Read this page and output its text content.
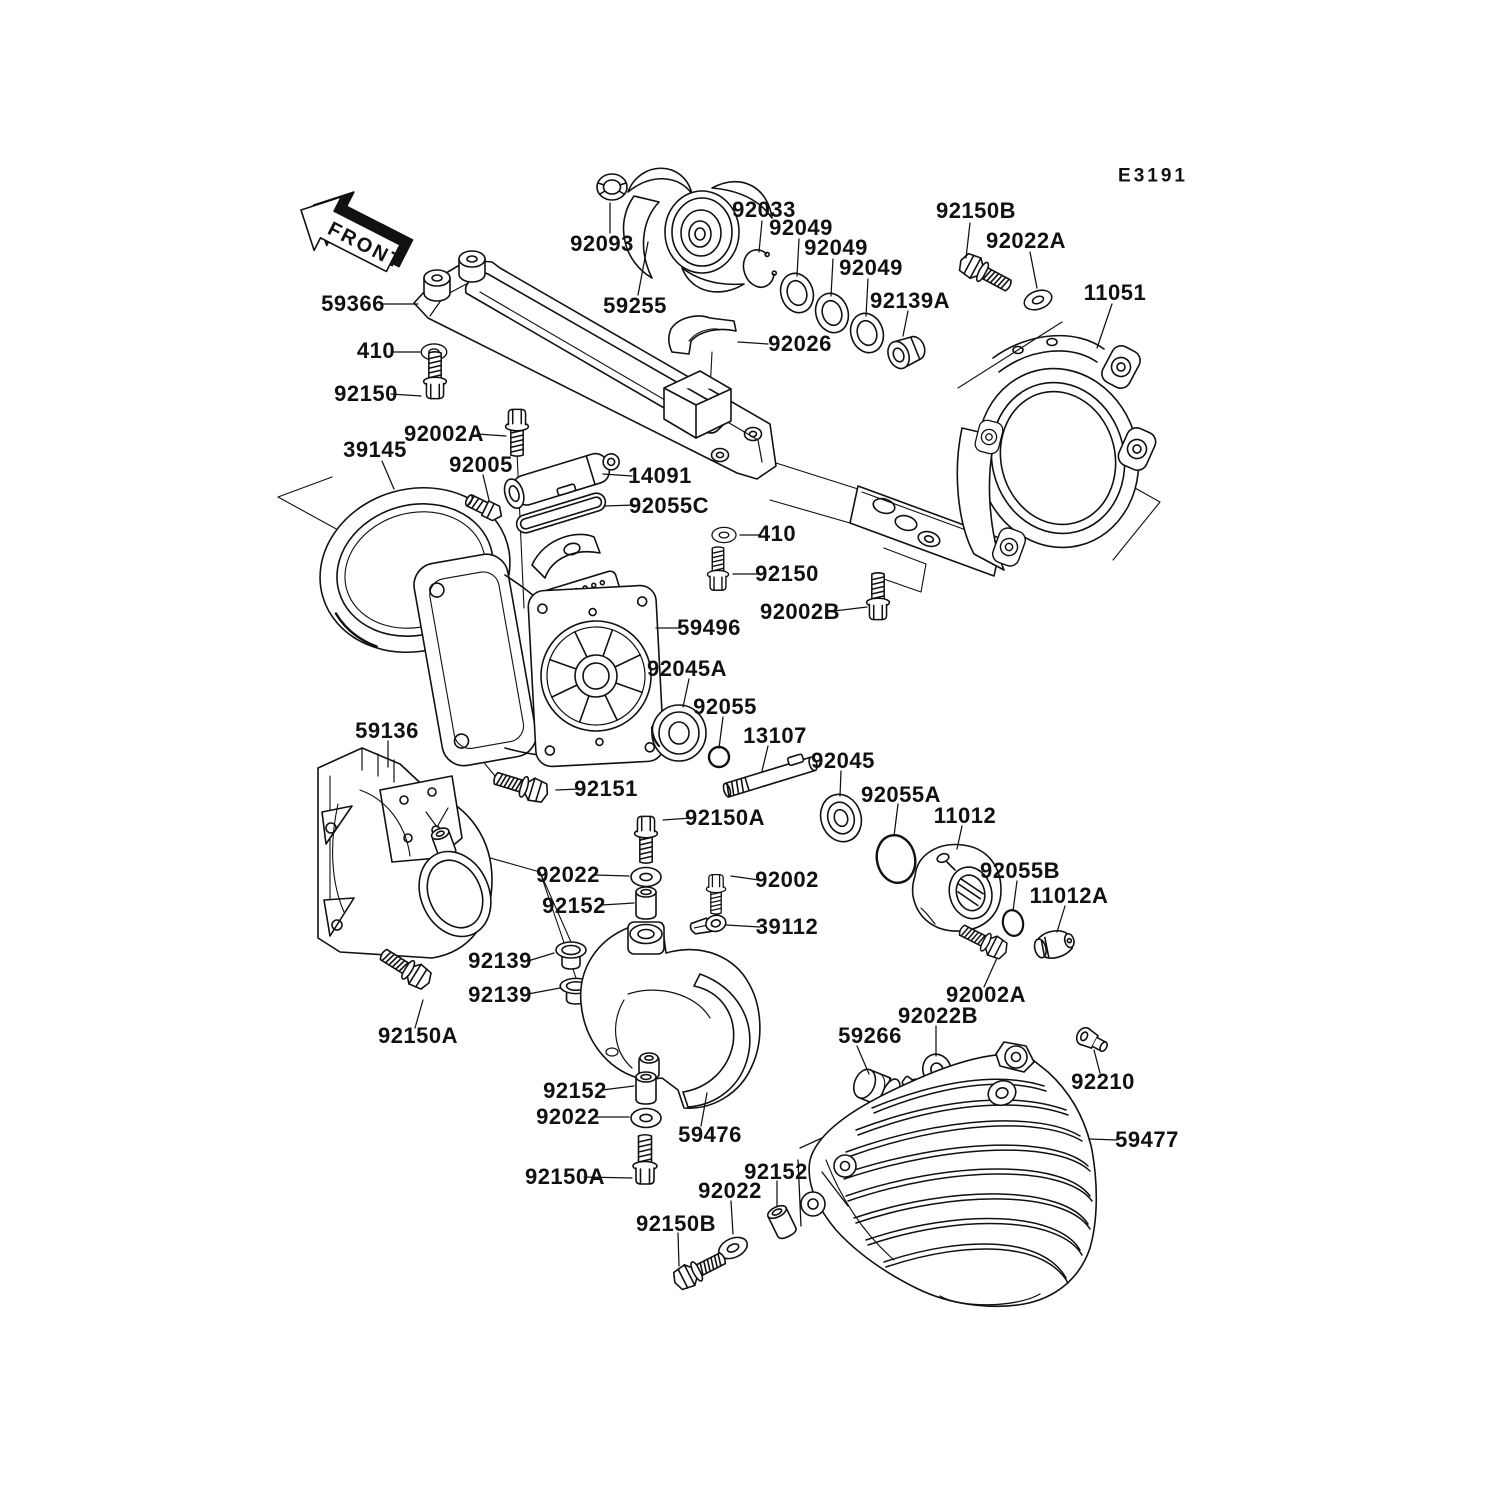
FRONT
E3191
92093
59255
92033
92049
92049
92049
92139A
92150B
92022A
11051
92026
59366
410
92150
92002A
39145
92005	14091
92055C
410
92150
92002B
59496
92045A
92055
13107
92045
59136
92151
92150A
92022
92152
92002
39112
92055A
11012
92055B
11012A
92002A
92022B
92139
92139
92150A	59266
92210
59477
92152
92022
92150A
59476
92152
92022
92150B
